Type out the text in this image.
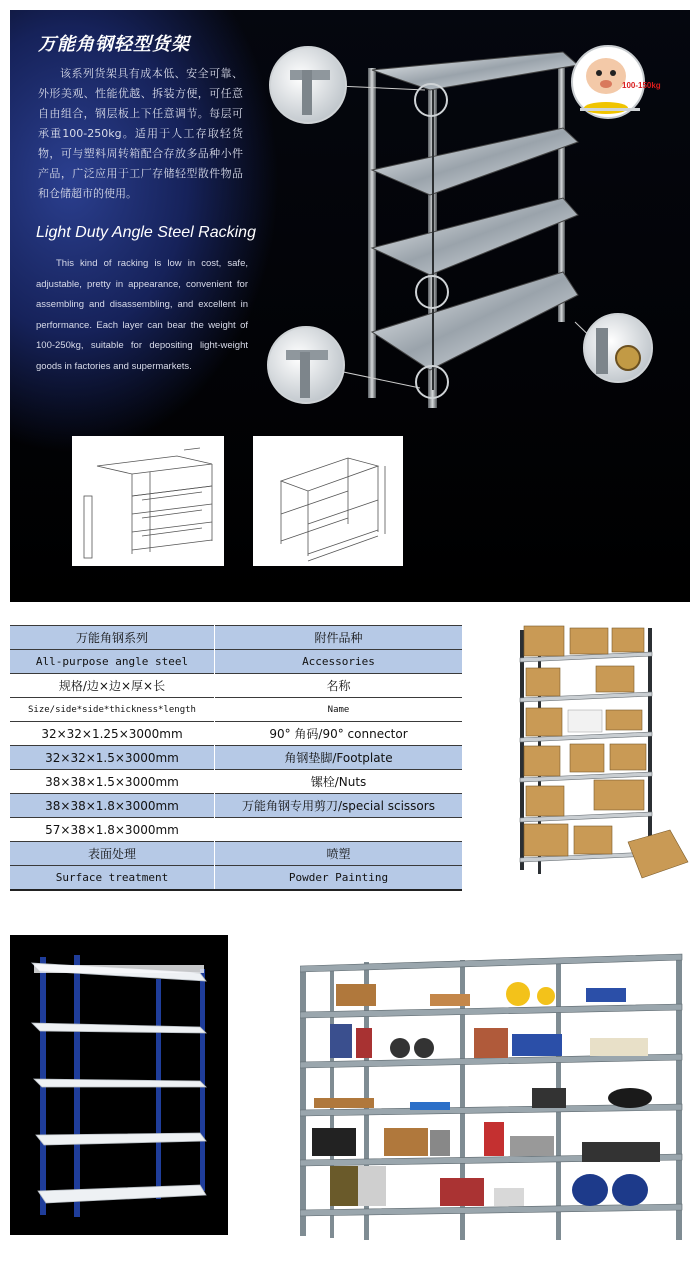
万能角钢轻型货架
该系列货架具有成本低、安全可靠、外形美观、性能优越、拆装方便，可任意自由组合，钢层板上下任意调节。每层可承重100-250kg。适用于人工存取轻货物，可与塑料周转箱配合存放多品种小件产品，广泛应用于工厂存储轻型散件物品和仓储超市的使用。
Light Duty Angle Steel Racking
This kind of racking is low in cost, safe, adjustable, pretty in appearance, convenient for assembling and disassembling, and excellent in performance. Each layer can bear the weight of 100-250kg, suitable for depositing light-weight goods in factories and supermarkets.
100-150kg
万能角钢系列	附件品种
All-purpose angle steel	Accessories
规格/边×边×厚×长	名称
Size/side*side*thickness*length	Name
32×32×1.25×3000mm	90° 角码/90° connector
32×32×1.5×3000mm	角钢垫脚/Footplate
38×38×1.5×3000mm	镙栓/Nuts
38×38×1.8×3000mm	万能角钢专用剪刀/special scissors
57×38×1.8×3000mm	
表面处理	喷塑
Surface treatment	Powder Painting
